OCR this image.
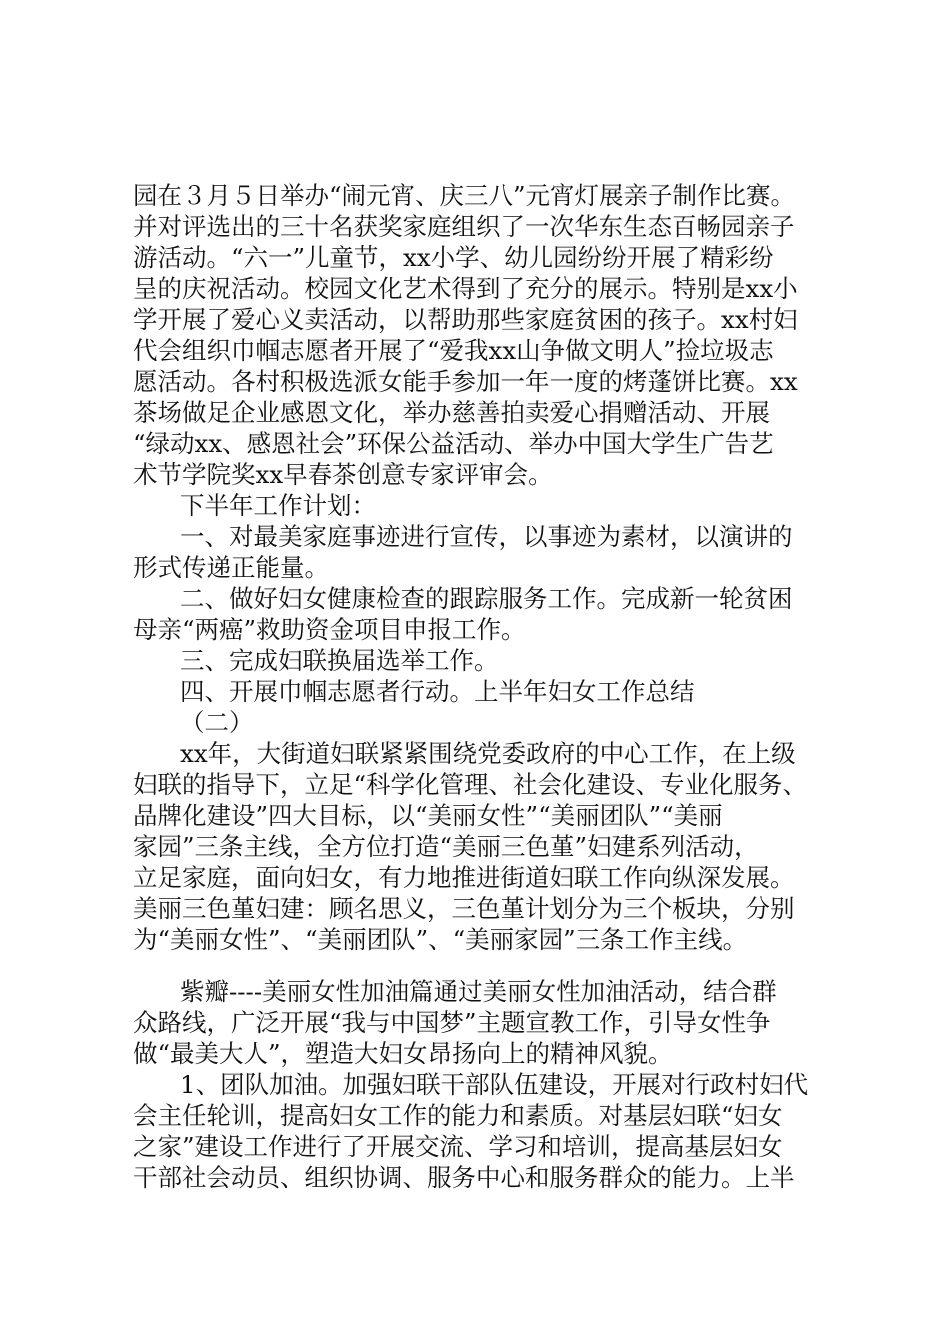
园在３月５日举办“闹元宵、庆三八”元宵灯展亲子制作比赛。
并对评选出的三十名获奖家庭组织了一次华东生态百畅园亲子
游活动。“六一”儿童节，xx小学、幼儿园纷纷开展了精彩纷
呈的庆祝活动。校园文化艺术得到了充分的展示。特别是xx小
学开展了爱心义卖活动，以帮助那些家庭贫困的孩子。xx村妇
代会组织巾帼志愿者开展了“爱我xx山争做文明人”捡垃圾志
愿活动。各村积极选派女能手参加一年一度的烤蓬饼比赛。xx
茶场做足企业感恩文化，举办慈善拍卖爱心捐赠活动、开展
“绿动xx、感恩社会”环保公益活动、举办中国大学生广告艺
术节学院奖xx早春茶创意专家评审会。
下半年工作计划：
一、对最美家庭事迹进行宣传，以事迹为素材，以演讲的
形式传递正能量。
二、做好妇女健康检查的跟踪服务工作。完成新一轮贫困
母亲“两癌”救助资金项目申报工作。
三、完成妇联换届选举工作。
四、开展巾帼志愿者行动。上半年妇女工作总结
（二）
xx年，大街道妇联紧紧围绕党委政府的中心工作，在上级
妇联的指导下，立足“科学化管理、社会化建设、专业化服务、
品牌化建设”四大目标，以“美丽女性”“美丽团队”“美丽
家园”三条主线，全方位打造“美丽三色堇”妇建系列活动，
立足家庭，面向妇女，有力地推进街道妇联工作向纵深发展。
美丽三色堇妇建：顾名思义，三色堇计划分为三个板块，分别
为“美丽女性”、“美丽团队”、“美丽家园”三条工作主线。
紫瓣----美丽女性加油篇通过美丽女性加油活动，结合群
众路线，广泛开展“我与中国梦”主题宣教工作，引导女性争
做“最美大人”，塑造大妇女昂扬向上的精神风貌。
1、团队加油。加强妇联干部队伍建设，开展对行政村妇代
会主任轮训，提高妇女工作的能力和素质。对基层妇联“妇女
之家”建设工作进行了开展交流、学习和培训，提高基层妇女
干部社会动员、组织协调、服务中心和服务群众的能力。上半
